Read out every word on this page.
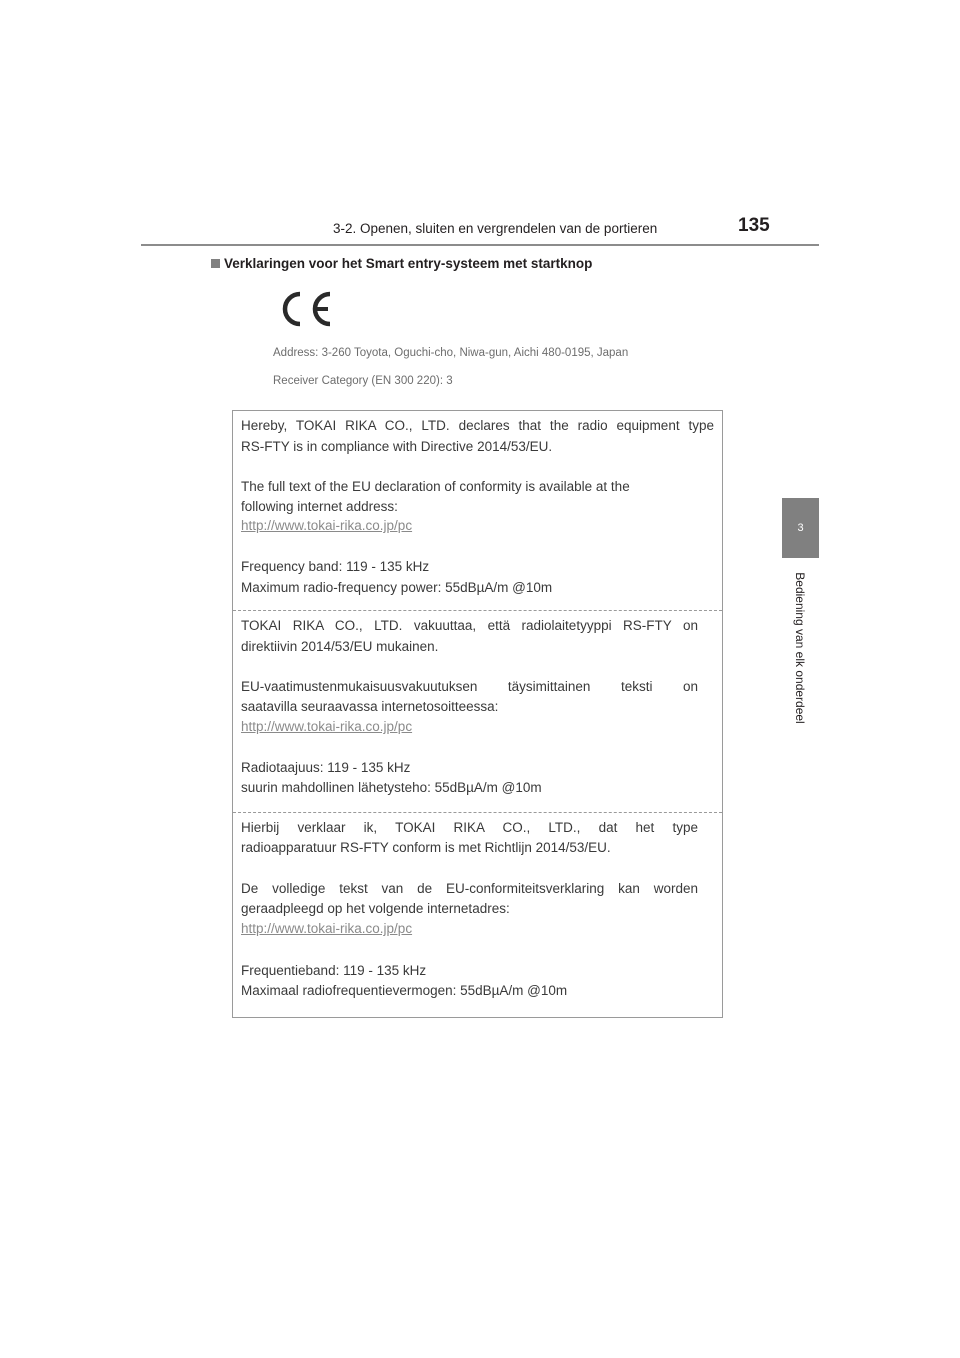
3-2. Openen, sluiten en vergrendelen van de portieren	135
3
Bediening van elk onderdeel
Verklaringen voor het Smart entry-systeem met startknop
Address: 3-260 Toyota, Oguchi-cho, Niwa-gun, Aichi 480-0195, Japan
Receiver Category (EN 300 220): 3
Hereby, TOKAI RIKA CO., LTD. declares that the radio equipment type
RS-FTY is in compliance with Directive 2014/53/EU.
The full text of the EU declaration of conformity is available at the
following internet address:
http://www.tokai-rika.co.jp/pc
Frequency band: 119 - 135 kHz
Maximum radio-frequency power: 55dBµA/m @10m
TOKAI RIKA CO., LTD. vakuuttaa, että radiolaitetyyppi RS-FTY on
direktiivin 2014/53/EU mukainen.
EU-vaatimustenmukaisuusvakuutuksen täysimittainen teksti on
saatavilla seuraavassa internetosoitteessa:
http://www.tokai-rika.co.jp/pc
Radiotaajuus: 119 - 135 kHz
suurin mahdollinen lähetysteho: 55dBµA/m @10m
Hierbij verklaar ik, TOKAI RIKA CO., LTD., dat het type
radioapparatuur RS-FTY conform is met Richtlijn 2014/53/EU.
De volledige tekst van de EU-conformiteitsverklaring kan worden
geraadpleegd op het volgende internetadres:
http://www.tokai-rika.co.jp/pc
Frequentieband: 119 - 135 kHz
Maximaal radiofrequentievermogen: 55dBµA/m @10m
